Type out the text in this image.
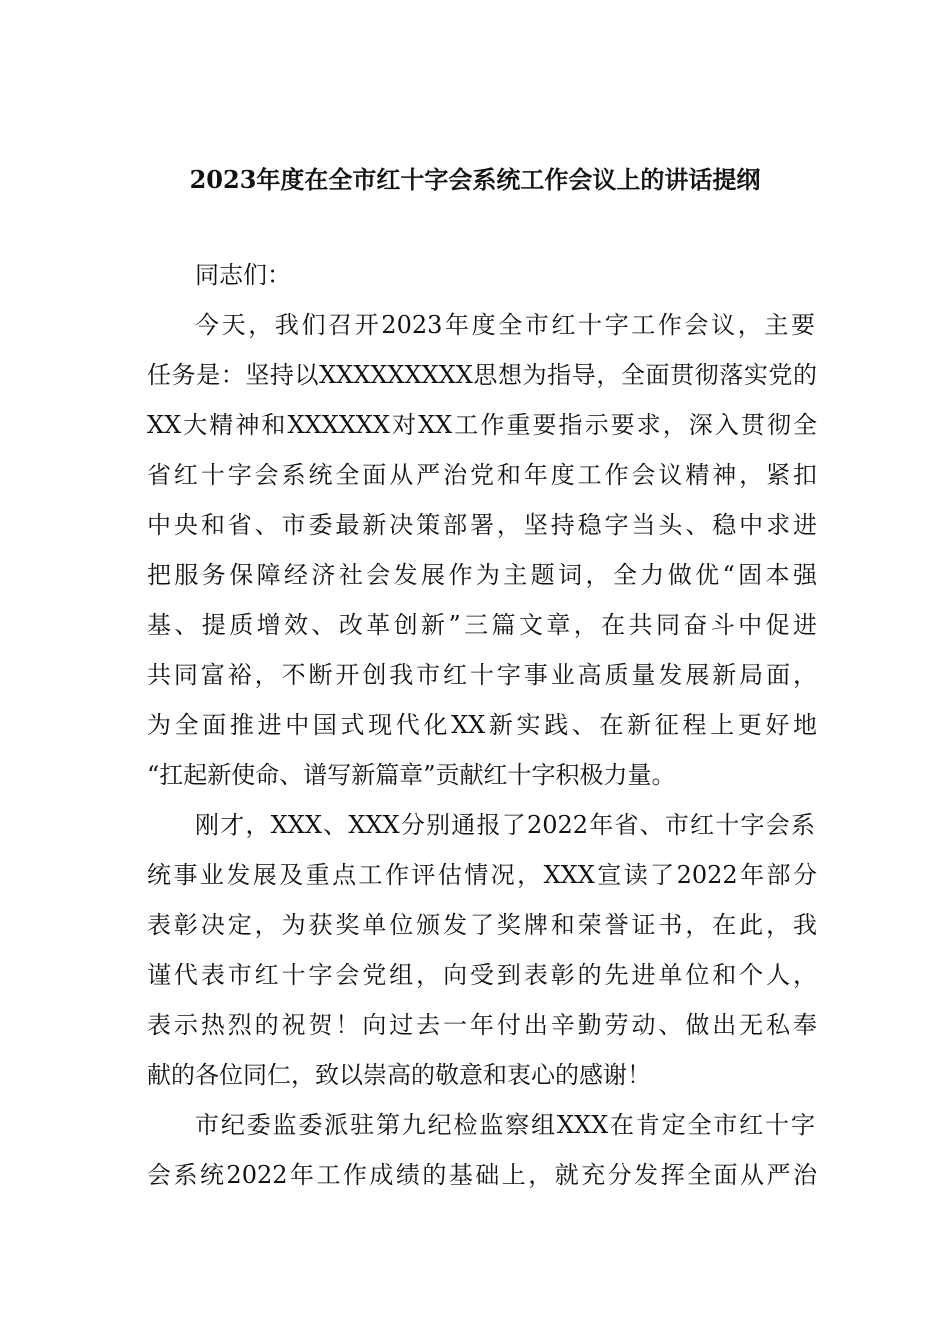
2023年度在全市红十字会系统工作会议上的讲话提纲
同志们：
今天，我们召开2023年度全市红十字工作会议，主要
任务是：坚持以XXXXXXXXX思想为指导，全面贯彻落实党的
XX大精神和XXXXXX对XX工作重要指示要求，深入贯彻全
省红十字会系统全面从严治党和年度工作会议精神，紧扣
中央和省、市委最新决策部署，坚持稳字当头、稳中求进
把服务保障经济社会发展作为主题词，全力做优“固本强
基、提质增效、改革创新”三篇文章，在共同奋斗中促进
共同富裕，不断开创我市红十字事业高质量发展新局面，
为全面推进中国式现代化XX新实践、在新征程上更好地
“扛起新使命、谱写新篇章”贡献红十字积极力量。
刚才，XXX、XXX分别通报了2022年省、市红十字会系
统事业发展及重点工作评估情况，XXX宣读了2022年部分
表彰决定，为获奖单位颁发了奖牌和荣誉证书，在此，我
谨代表市红十字会党组，向受到表彰的先进单位和个人，
表示热烈的祝贺！向过去一年付出辛勤劳动、做出无私奉
献的各位同仁，致以崇高的敬意和衷心的感谢！
市纪委监委派驻第九纪检监察组XXX在肯定全市红十字
会系统2022年工作成绩的基础上，就充分发挥全面从严治
